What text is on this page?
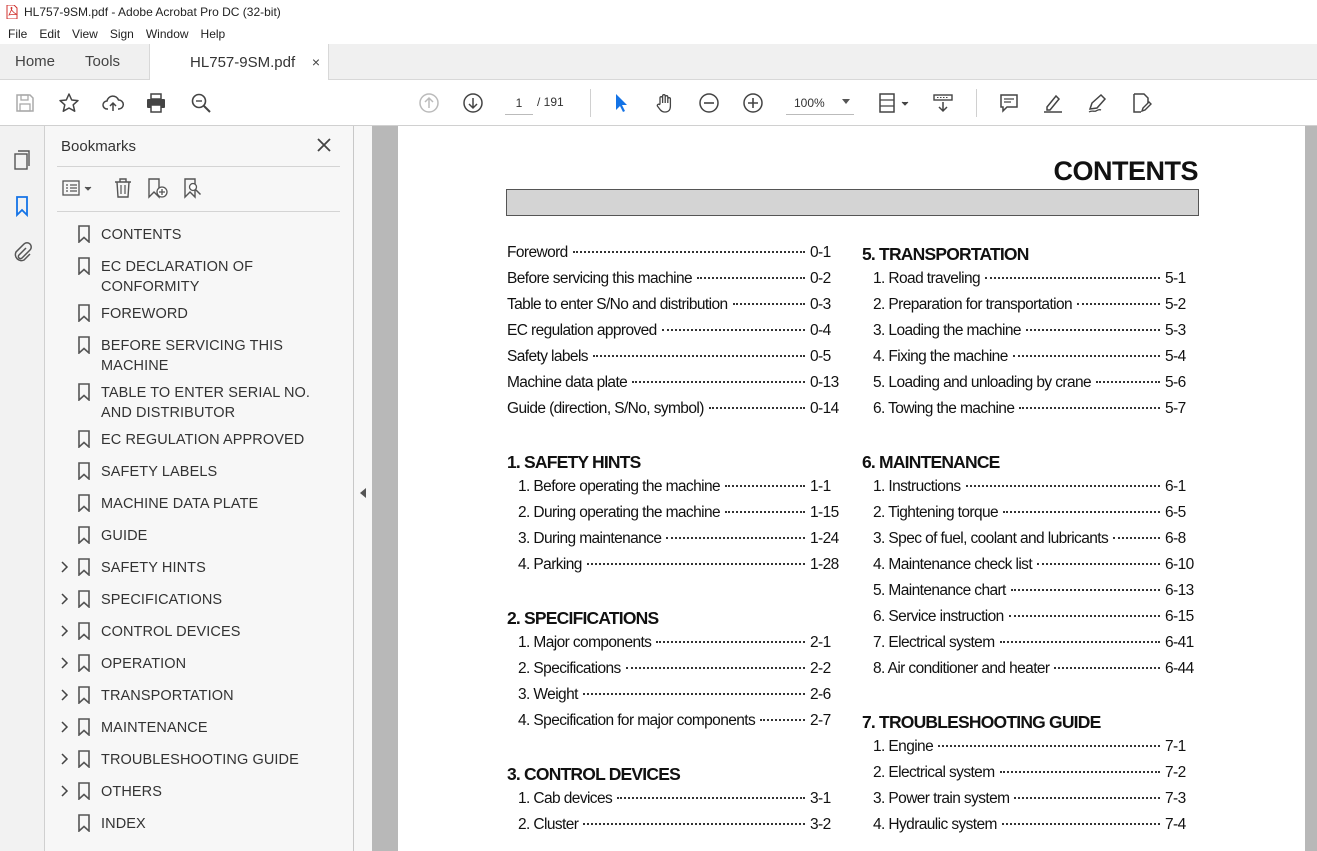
HL757-9SM.pdf - Adobe Acrobat Pro DC (32-bit)
File	Edit	View	Sign	Window	Help
Home	Tools	HL757-9SM.pdf ×
1
/ 191	100%
Bookmarks
CONTENTS
EC DECLARATION OF CONFORMITY
FOREWORD
BEFORE SERVICING THIS MACHINE
TABLE TO ENTER SERIAL NO. AND DISTRIBUTOR
EC REGULATION APPROVED
SAFETY LABELS
MACHINE DATA PLATE
GUIDE
SAFETY HINTS
SPECIFICATIONS
CONTROL DEVICES
OPERATION
TRANSPORTATION
MAINTENANCE
TROUBLESHOOTING GUIDE
OTHERS
INDEX
CONTENTS
Foreword	0-1
Before servicing this machine	0-2
Table to enter S/No and distribution	0-3
EC regulation approved	0-4
Safety labels	0-5
Machine data plate	0-13
Guide (direction, S/No, symbol)	0-14
1. SAFETY HINTS
1. Before operating the machine	1-1
2. During operating the machine	1-15
3. During maintenance	1-24
4. Parking	1-28
2. SPECIFICATIONS
1. Major components	2-1
2. Specifications	2-2
3. Weight	2-6
4. Specification for major components	2-7
3. CONTROL DEVICES
1. Cab devices	3-1
2. Cluster	3-2
5. TRANSPORTATION
1. Road traveling	5-1
2. Preparation for transportation	5-2
3. Loading the machine	5-3
4. Fixing the machine	5-4
5. Loading and unloading by crane	5-6
6. Towing the machine	5-7
6. MAINTENANCE
1. Instructions	6-1
2. Tightening torque	6-5
3. Spec of fuel, coolant and lubricants	6-8
4. Maintenance check list	6-10
5. Maintenance chart	6-13
6. Service instruction	6-15
7. Electrical system	6-41
8. Air conditioner and heater	6-44
7. TROUBLESHOOTING GUIDE
1. Engine	7-1
2. Electrical system	7-2
3. Power train system	7-3
4. Hydraulic system	7-4
